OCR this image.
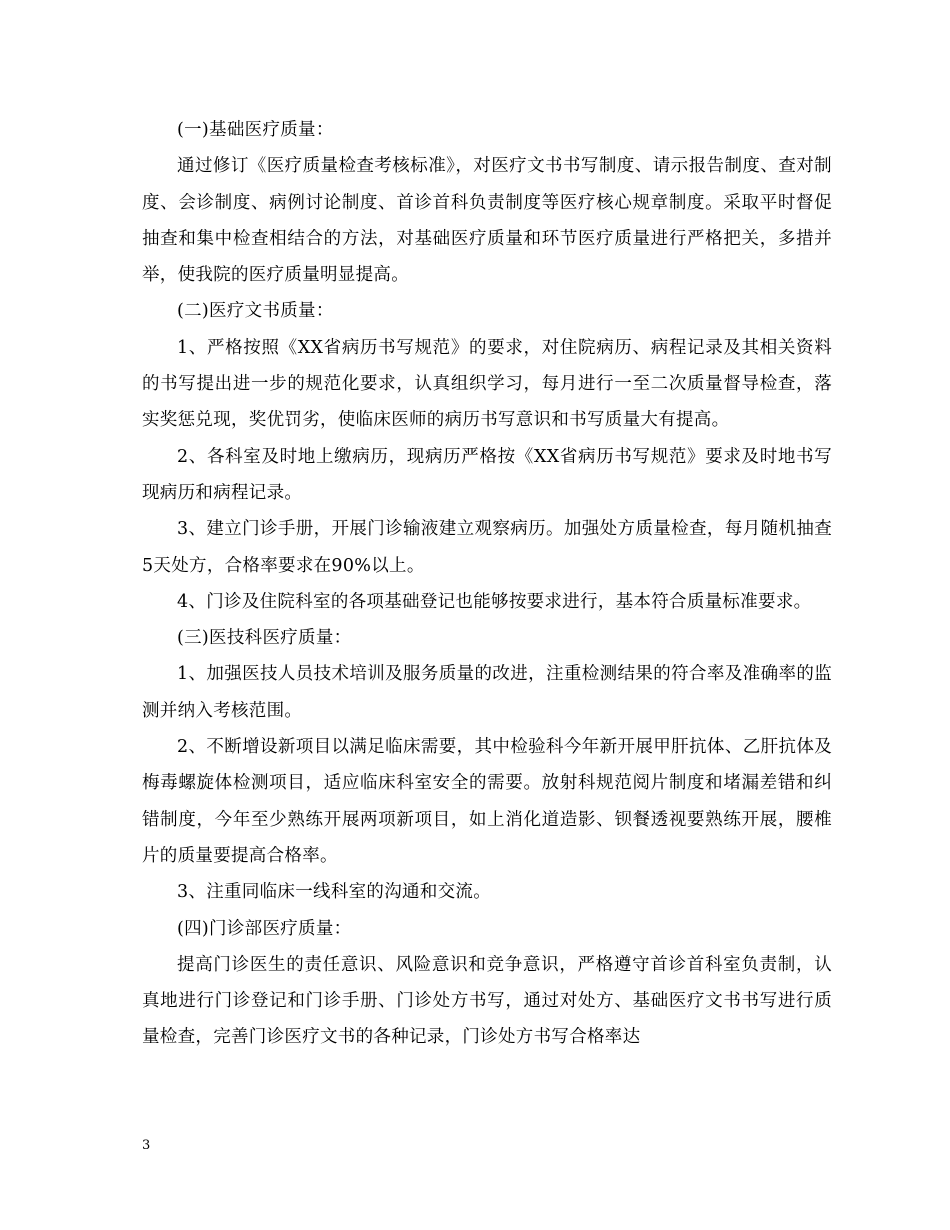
(一)基础医疗质量：

通过修订《医疗质量检查考核标准》，对医疗文书书写制度、请示报告制度、查对制度、会诊制度、病例讨论制度、首诊首科负责制度等医疗核心规章制度。采取平时督促抽查和集中检查相结合的方法，对基础医疗质量和环节医疗质量进行严格把关，多措并举，使我院的医疗质量明显提高。

(二)医疗文书质量：

1、严格按照《XX省病历书写规范》的要求，对住院病历、病程记录及其相关资料的书写提出进一步的规范化要求，认真组织学习，每月进行一至二次质量督导检查，落实奖惩兑现，奖优罚劣，使临床医师的病历书写意识和书写质量大有提高。

2、各科室及时地上缴病历，现病历严格按《XX省病历书写规范》要求及时地书写现病历和病程记录。

3、建立门诊手册，开展门诊输液建立观察病历。加强处方质量检查，每月随机抽查5天处方，合格率要求在90%以上。

4、门诊及住院科室的各项基础登记也能够按要求进行，基本符合质量标准要求。

(三)医技科医疗质量：

1、加强医技人员技术培训及服务质量的改进，注重检测结果的符合率及准确率的监测并纳入考核范围。

2、不断增设新项目以满足临床需要，其中检验科今年新开展甲肝抗体、乙肝抗体及梅毒螺旋体检测项目，适应临床科室安全的需要。放射科规范阅片制度和堵漏差错和纠错制度，今年至少熟练开展两项新项目，如上消化道造影、钡餐透视要熟练开展，腰椎片的质量要提高合格率。

3、注重同临床一线科室的沟通和交流。

(四)门诊部医疗质量：

提高门诊医生的责任意识、风险意识和竞争意识，严格遵守首诊首科室负责制，认真地进行门诊登记和门诊手册、门诊处方书写，通过对处方、基础医疗文书书写进行质量检查，完善门诊医疗文书的各种记录，门诊处方书写合格率达

3
